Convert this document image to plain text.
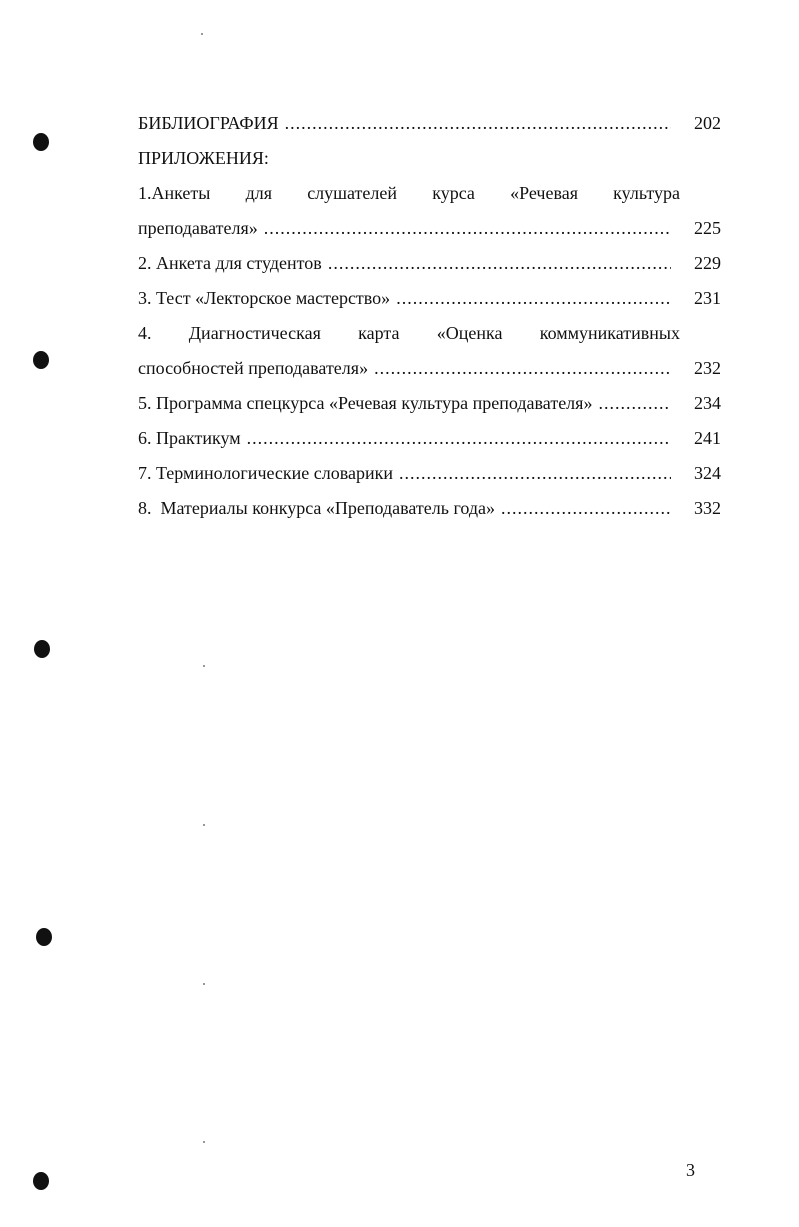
БИБЛИОГРАФИЯ .....	202
ПРИЛОЖЕНИЯ:
1.Анкеты для слушателей курса «Речевая культура
преподавателя» .....	225
2. Анкета для студентов .....	229
3. Тест «Лекторское мастерство» .....	231
4. Диагностическая карта «Оценка коммуникативных
способностей преподавателя» .....	232
5. Программа спецкурса «Речевая культура преподавателя» .....	234
6. Практикум .....	241
7. Терминологические словарики .....	324
8.  Материалы конкурса «Преподаватель года» .....	332
3
